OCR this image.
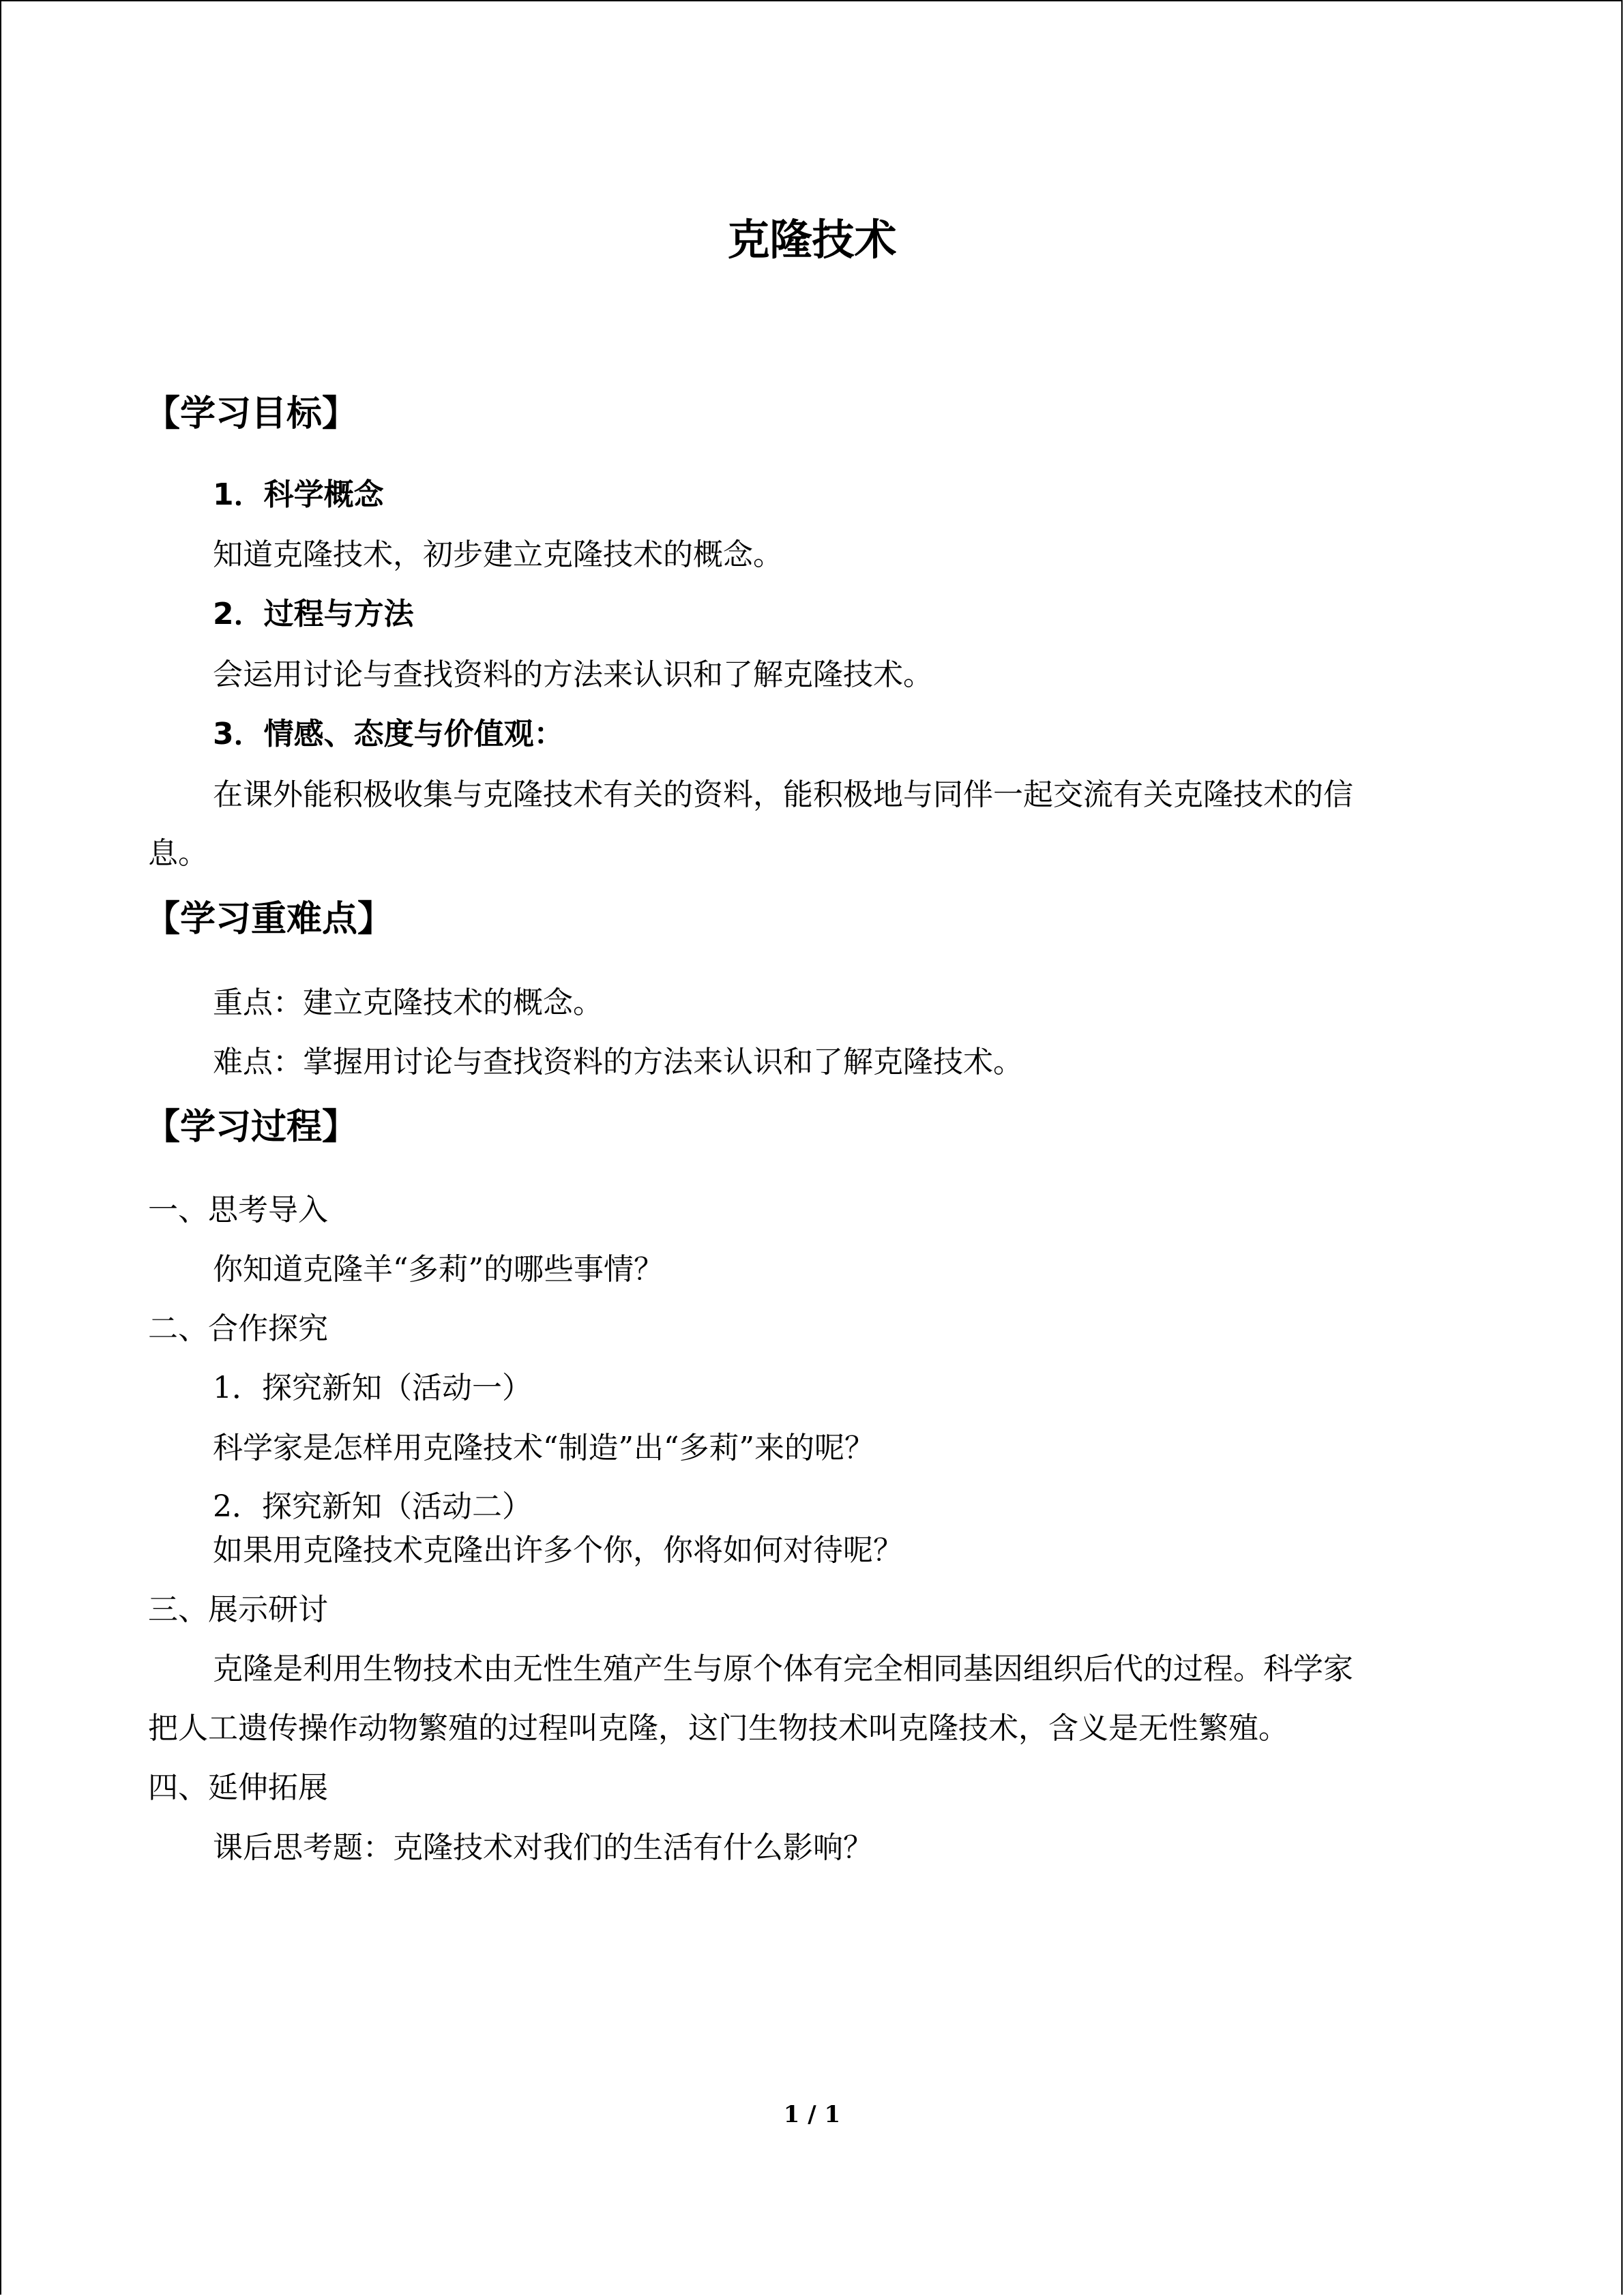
克隆技术
【学习目标】
1．科学概念
知道克隆技术，初步建立克隆技术的概念。
2．过程与方法
会运用讨论与查找资料的方法来认识和了解克隆技术。
3．情感、态度与价值观：
在课外能积极收集与克隆技术有关的资料，能积极地与同伴一起交流有关克隆技术的信
息。
【学习重难点】
重点：建立克隆技术的概念。
难点：掌握用讨论与查找资料的方法来认识和了解克隆技术。
【学习过程】
一、思考导入
你知道克隆羊“多莉”的哪些事情？
二、合作探究
1．探究新知（活动一）
科学家是怎样用克隆技术“制造”出“多莉”来的呢？
2．探究新知（活动二）
如果用克隆技术克隆出许多个你，你将如何对待呢？
三、展示研讨
克隆是利用生物技术由无性生殖产生与原个体有完全相同基因组织后代的过程。科学家
把人工遗传操作动物繁殖的过程叫克隆，这门生物技术叫克隆技术，含义是无性繁殖。
四、延伸拓展
课后思考题：克隆技术对我们的生活有什么影响？
1 / 1
